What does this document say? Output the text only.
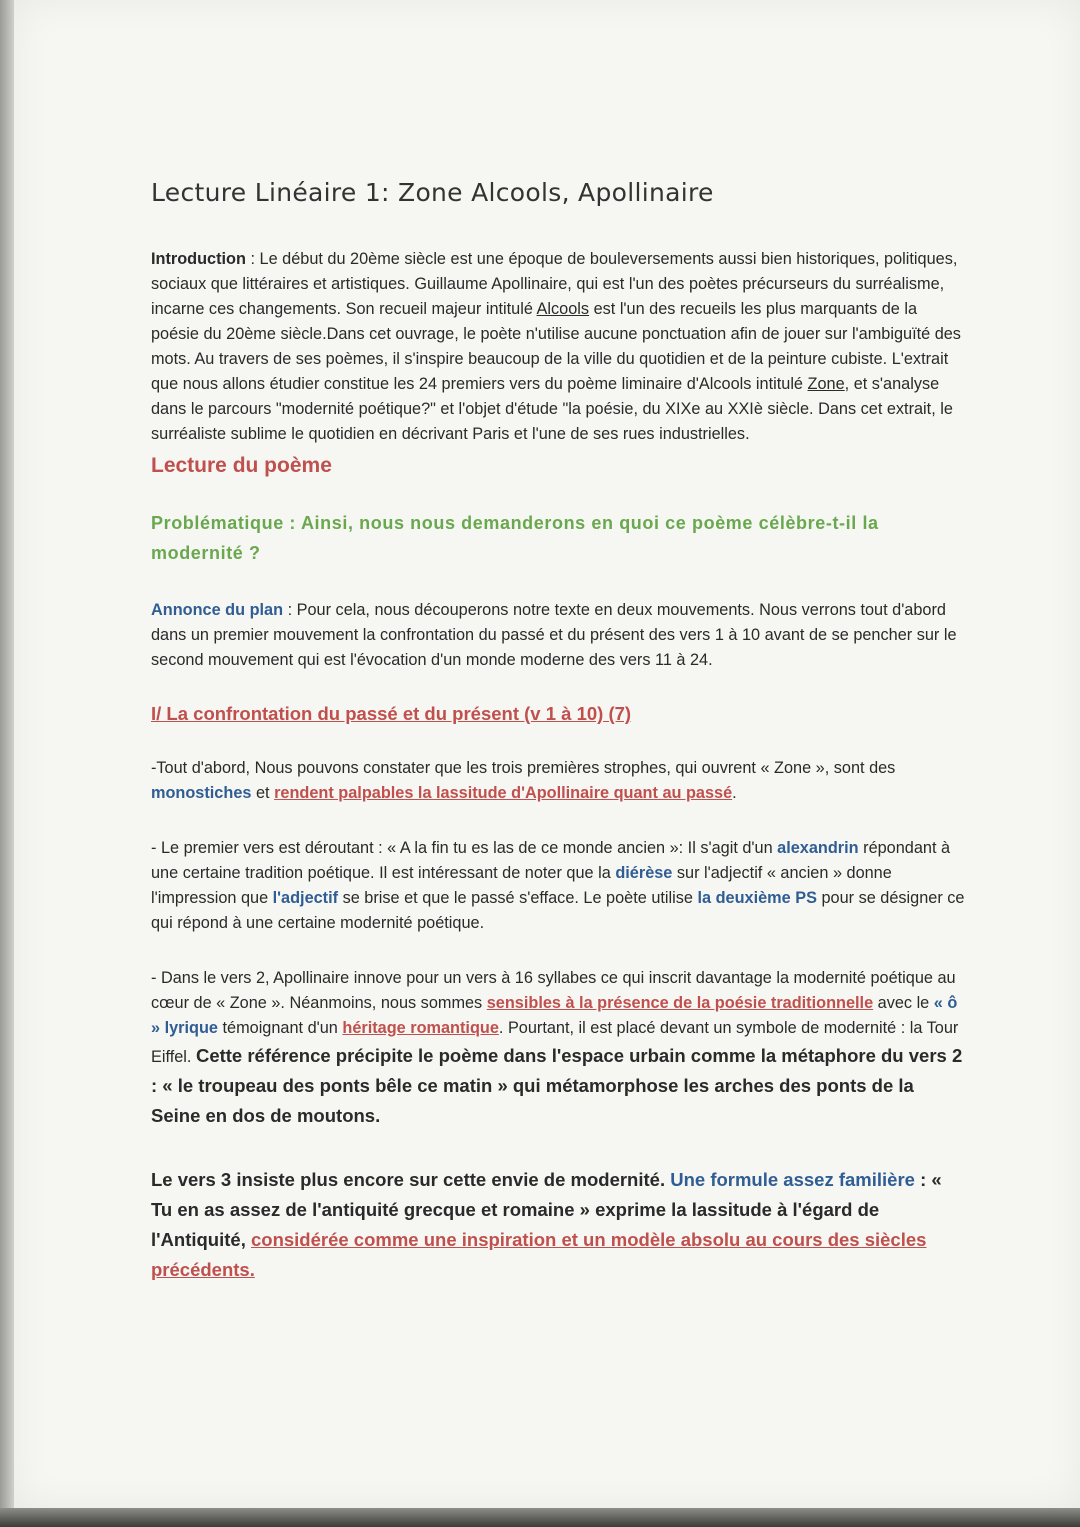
Lecture Linéaire 1: Zone Alcools, Apollinaire

Introduction : Le début du 20ème siècle est une époque de bouleversements aussi bien historiques, politiques, sociaux que littéraires et artistiques. Guillaume Apollinaire, qui est l'un des poètes précurseurs du surréalisme, incarne ces changements. Son recueil majeur intitulé Alcools est l'un des recueils les plus marquants de la poésie du 20ème siècle.Dans cet ouvrage, le poète n'utilise aucune ponctuation afin de jouer sur l'ambiguïté des mots. Au travers de ses poèmes, il s'inspire beaucoup de la ville du quotidien et de la peinture cubiste. L'extrait que nous allons étudier constitue les 24 premiers vers du poème liminaire d'Alcools intitulé Zone, et s'analyse dans le parcours "modernité poétique?" et l'objet d'étude "la poésie, du XIXe au XXIè siècle. Dans cet extrait, le surréaliste sublime le quotidien en décrivant Paris et l'une de ses rues industrielles.

Lecture du poème

Problématique : Ainsi, nous nous demanderons en quoi ce poème célèbre-t-il la modernité ?

Annonce du plan : Pour cela, nous découperons notre texte en deux mouvements. Nous verrons tout d'abord dans un premier mouvement la confrontation du passé et du présent des vers 1 à 10 avant de se pencher sur le second mouvement qui est l'évocation d'un monde moderne des vers 11 à 24.

I/ La confrontation du passé et du présent (v 1 à 10) (7)

-Tout d'abord, Nous pouvons constater que les trois premières strophes, qui ouvrent « Zone », sont des monostiches et rendent palpables la lassitude d'Apollinaire quant au passé.

- Le premier vers est déroutant : « A la fin tu es las de ce monde ancien »: Il s'agit d'un alexandrin répondant à une certaine tradition poétique. Il est intéressant de noter que la diérèse sur l'adjectif « ancien » donne l'impression que l'adjectif se brise et que le passé s'efface. Le poète utilise la deuxième PS pour se désigner ce qui répond à une certaine modernité poétique.

- Dans le vers 2, Apollinaire innove pour un vers à 16 syllabes ce qui inscrit davantage la modernité poétique au cœur de « Zone ». Néanmoins, nous sommes sensibles à la présence de la poésie traditionnelle avec le « ô » lyrique témoignant d'un héritage romantique. Pourtant, il est placé devant un symbole de modernité : la Tour Eiffel. Cette référence précipite le poème dans l'espace urbain comme la métaphore du vers 2 : « le troupeau des ponts bêle ce matin » qui métamorphose les arches des ponts de la Seine en dos de moutons.

Le vers 3 insiste plus encore sur cette envie de modernité. Une formule assez familière : « Tu en as assez de l'antiquité grecque et romaine » exprime la lassitude à l'égard de l'Antiquité, considérée comme une inspiration et un modèle absolu au cours des siècles précédents.
